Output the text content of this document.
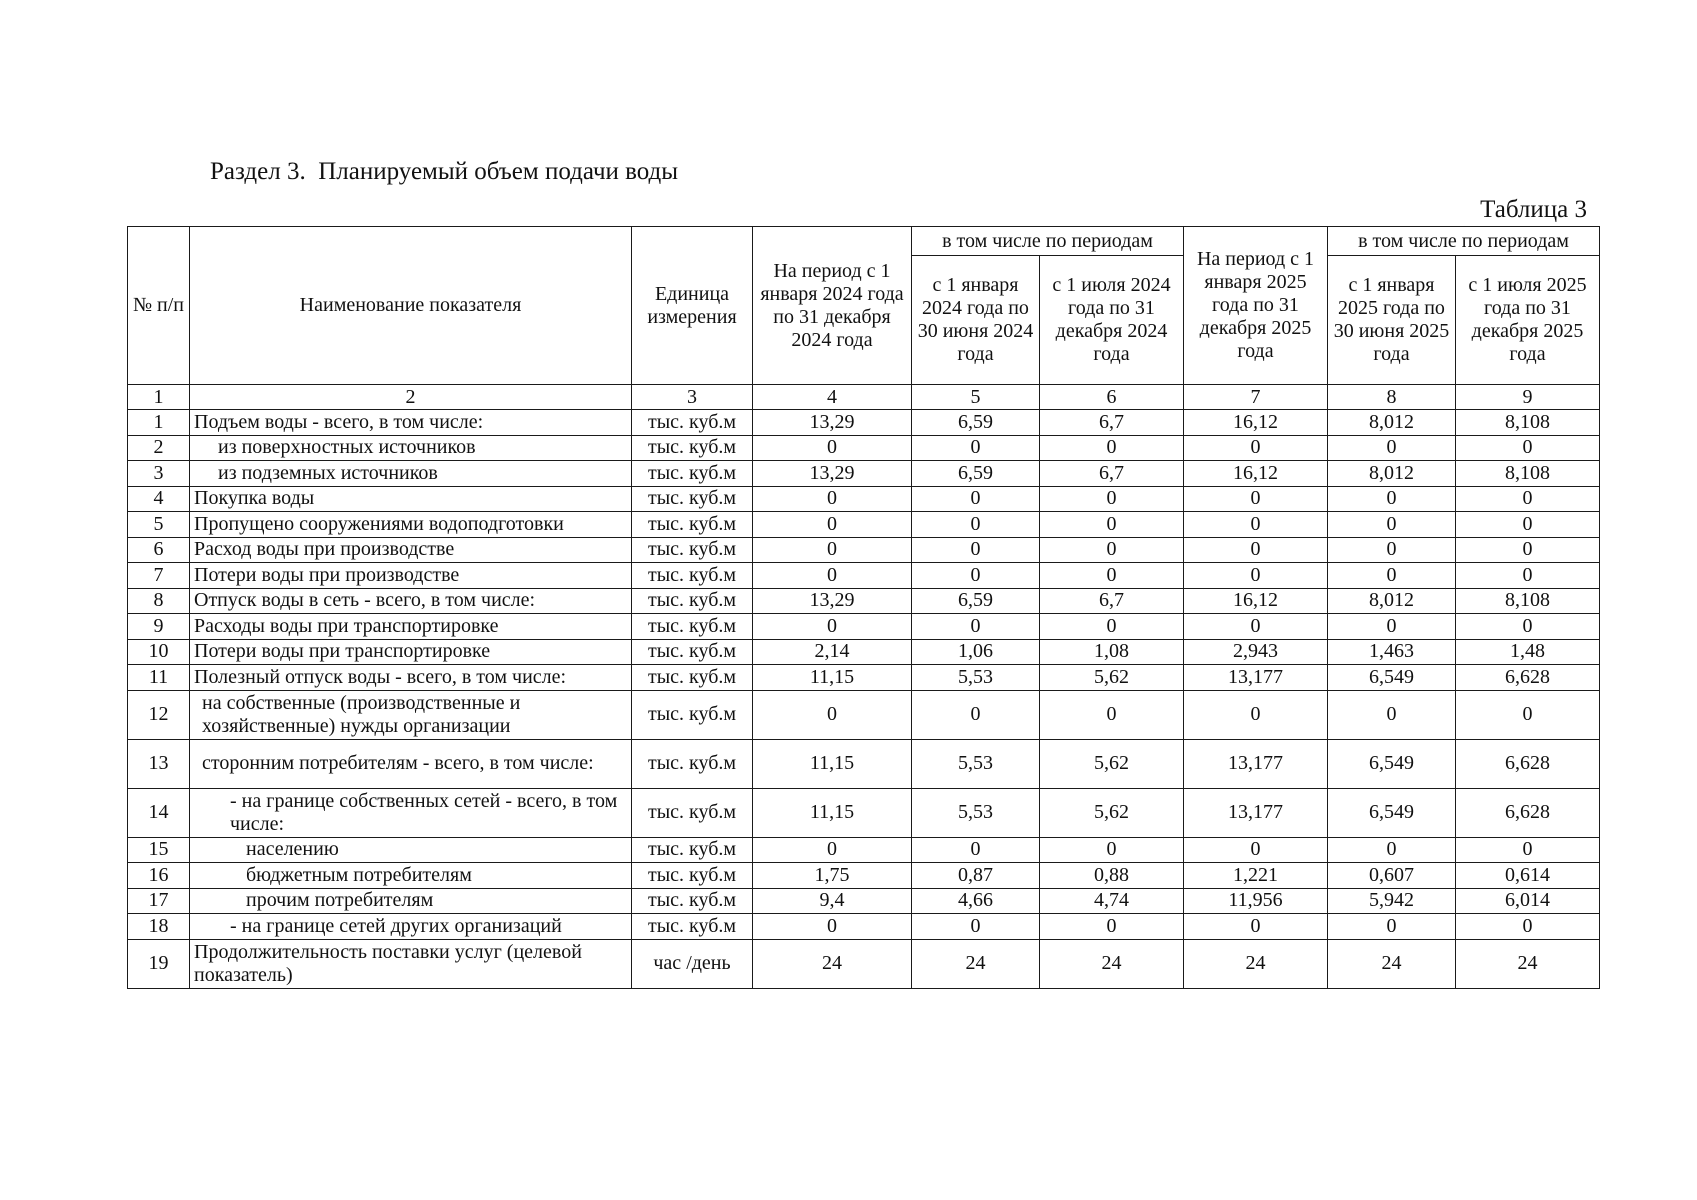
Раздел 3.  Планируемый объем подачи воды
Таблица 3
№ п/п	Наименование показателя	Единица измерения	На период с 1 января 2024 года по 31 декабря 2024 года	в том числе по периодам		На период с 1 января 2025 года по 31 декабря 2025 года	в том числе по периодам	
				с 1 января 2024 года по 30 июня 2024 года	с 1 июля 2024 года по 31 декабря 2024 года		с 1 января 2025 года по 30 июня 2025 года	с 1 июля 2025 года по 31 декабря 2025 года
1	2	3	4	5	6	7	8	9
1	Подъем воды - всего, в том числе:	тыс. куб.м	13,29	6,59	6,7	16,12	8,012	8,108
2	из поверхностных источников	тыс. куб.м	0	0	0	0	0	0
3	из подземных источников	тыс. куб.м	13,29	6,59	6,7	16,12	8,012	8,108
4	Покупка воды	тыс. куб.м	0	0	0	0	0	0
5	Пропущено сооружениями водоподготовки	тыс. куб.м	0	0	0	0	0	0
6	Расход воды при производстве	тыс. куб.м	0	0	0	0	0	0
7	Потери воды при производстве	тыс. куб.м	0	0	0	0	0	0
8	Отпуск воды в сеть - всего, в том числе:	тыс. куб.м	13,29	6,59	6,7	16,12	8,012	8,108
9	Расходы воды при транспортировке	тыс. куб.м	0	0	0	0	0	0
10	Потери воды при транспортировке	тыс. куб.м	2,14	1,06	1,08	2,943	1,463	1,48
11	Полезный отпуск воды - всего, в том числе:	тыс. куб.м	11,15	5,53	5,62	13,177	6,549	6,628
12	на собственные (производственные и хозяйственные) нужды организации	тыс. куб.м	0	0	0	0	0	0
13	сторонним потребителям - всего, в том числе:	тыс. куб.м	11,15	5,53	5,62	13,177	6,549	6,628
14	- на границе собственных сетей - всего, в том числе:	тыс. куб.м	11,15	5,53	5,62	13,177	6,549	6,628
15	населению	тыс. куб.м	0	0	0	0	0	0
16	бюджетным потребителям	тыс. куб.м	1,75	0,87	0,88	1,221	0,607	0,614
17	прочим потребителям	тыс. куб.м	9,4	4,66	4,74	11,956	5,942	6,014
18	- на границе сетей других организаций	тыс. куб.м	0	0	0	0	0	0
19	Продолжительность поставки услуг (целевой показатель)	час /день	24	24	24	24	24	24
